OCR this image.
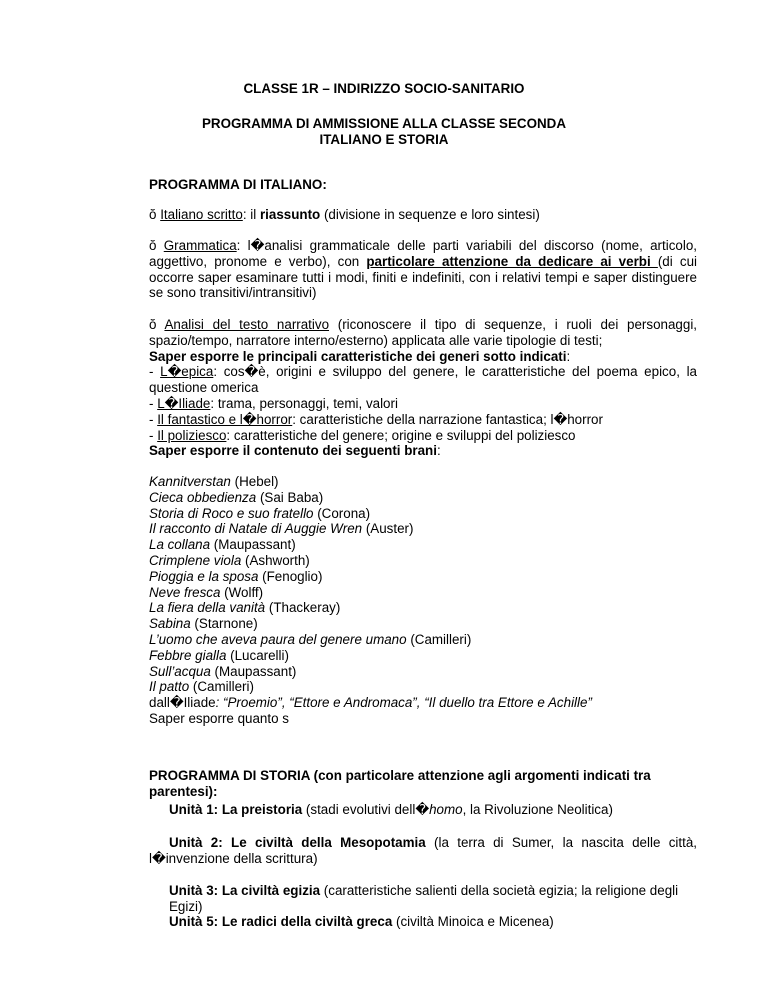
CLASSE 1R – INDIRIZZO SOCIO-SANITARIO
PROGRAMMA DI AMMISSIONE ALLA CLASSE SECONDA
ITALIANO E STORIA
PROGRAMMA DI ITALIANO:
ŏ Italiano scritto: il riassunto (divisione in sequenze e loro sintesi)
ŏ Grammatica: l�analisi grammaticale delle parti variabili del discorso (nome, articolo, aggettivo, pronome e verbo), con particolare attenzione da dedicare ai verbi (di cui occorre saper esaminare tutti i modi, finiti e indefiniti, con i relativi tempi e saper distinguere se sono transitivi/intransitivi)
ŏ Analisi del testo narrativo (riconoscere il tipo di sequenze, i ruoli dei personaggi, spazio/tempo, narratore interno/esterno) applicata alle varie tipologie di testi;
Saper esporre le principali caratteristiche dei generi sotto indicati:
- L�epica: cos�è, origini e sviluppo del genere, le caratteristiche del poema epico, la questione omerica
- L�Iliade: trama, personaggi, temi, valori
- Il fantastico e l�horror: caratteristiche della narrazione fantastica; l�horror
- Il poliziesco: caratteristiche del genere; origine e sviluppi del poliziesco
Saper esporre il contenuto dei seguenti brani:
Kannitverstan (Hebel)
Cieca obbedienza (Sai Baba)
Storia di Roco e suo fratello (Corona)
Il racconto di Natale di Auggie Wren (Auster)
La collana (Maupassant)
Crimplene viola (Ashworth)
Pioggia e la sposa (Fenoglio)
Neve fresca (Wolff)
La fiera della vanità (Thackeray)
Sabina (Starnone)
L’uomo che aveva paura del genere umano (Camilleri)
Febbre gialla (Lucarelli)
Sull’acqua (Maupassant)
Il patto (Camilleri)
dall�Iliade: “Proemio”, “Ettore e Andromaca”, “Il duello tra Ettore e Achille”
Saper esporre quanto s
PROGRAMMA DI STORIA (con particolare attenzione agli argomenti indicati tra parentesi):
Unità 1: La preistoria (stadi evolutivi dell�homo, la Rivoluzione Neolitica)
Unità 2: Le civiltà della Mesopotamia (la terra di Sumer, la nascita delle città, l�invenzione della scrittura)
Unità 3: La civiltà egizia (caratteristiche salienti della società egizia; la religione degli Egizi)
Unità 5: Le radici della civiltà greca (civiltà Minoica e Micenea)
